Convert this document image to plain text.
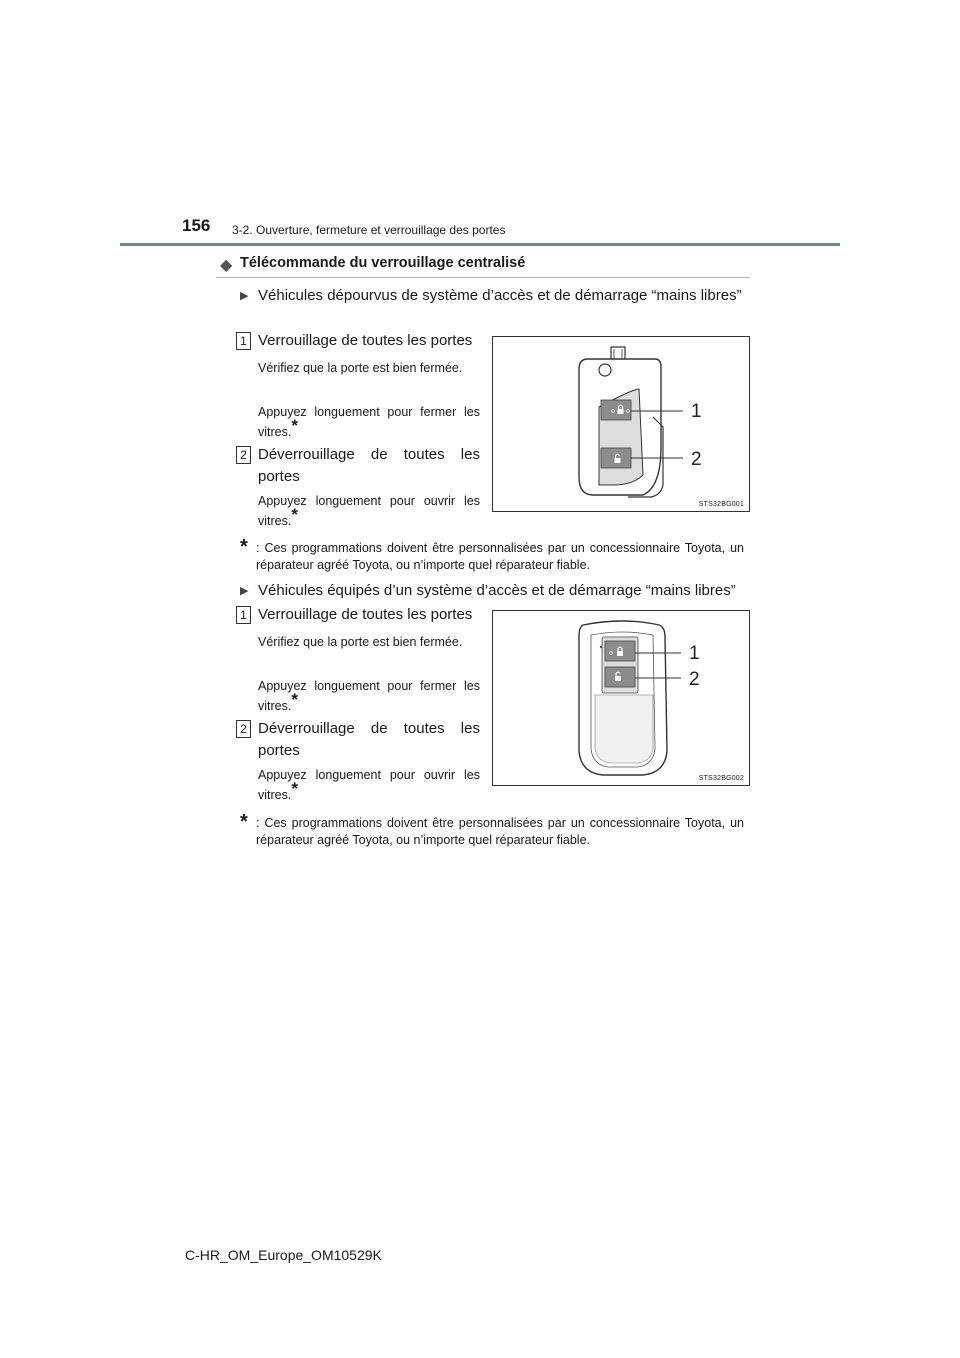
156 3-2. Ouverture, fermeture et verrouillage des portes
◆ Télécommande du verrouillage centralisé
▶ Véhicules dépourvus de système d’accès et de démarrage “mains libres”
1 Verrouillage de toutes les portes
Vérifiez que la porte est bien fermée.
Appuyez longuement pour fermer les vitres.*
2 Déverrouillage de toutes les portes
Appuyez longuement pour ouvrir les vitres.*
1
2
STS32BG001
* : Ces programmations doivent être personnalisées par un concessionnaire Toyota, un réparateur agréé Toyota, ou n’importe quel réparateur fiable.
▶ Véhicules équipés d’un système d’accès et de démarrage “mains libres”
1 Verrouillage de toutes les portes
Vérifiez que la porte est bien fermée.
Appuyez longuement pour fermer les vitres.*
2 Déverrouillage de toutes les portes
Appuyez longuement pour ouvrir les vitres.*
1
2
STS32BG002
* : Ces programmations doivent être personnalisées par un concessionnaire Toyota, un réparateur agréé Toyota, ou n’importe quel réparateur fiable.
C-HR_OM_Europe_OM10529K
